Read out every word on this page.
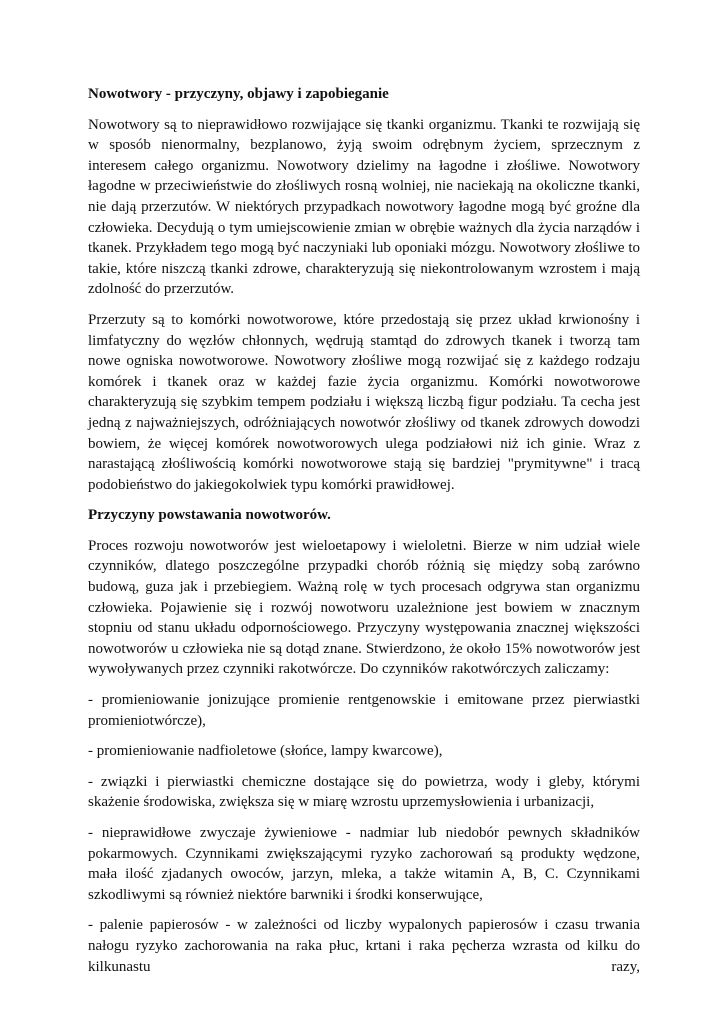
Nowotwory - przyczyny, objawy i zapobieganie

Nowotwory są to nieprawidłowo rozwijające się tkanki organizmu. Tkanki te rozwijają się w sposób nienormalny, bezplanowo, żyją swoim odrębnym życiem, sprzecznym z interesem całego organizmu. Nowotwory dzielimy na łagodne i złośliwe. Nowotwory łagodne w przeciwieństwie do złośliwych rosną wolniej, nie naciekają na okoliczne tkanki, nie dają przerzutów. W niektórych przypadkach nowotwory łagodne mogą być groźne dla człowieka. Decydują o tym umiejscowienie zmian w obrębie ważnych dla życia narządów i tkanek. Przykładem tego mogą być naczyniaki lub oponiaki mózgu. Nowotwory złośliwe to takie, które niszczą tkanki zdrowe, charakteryzują się niekontrolowanym wzrostem i mają zdolność do przerzutów.

Przerzuty są to komórki nowotworowe, które przedostają się przez układ krwionośny i limfatyczny do węzłów chłonnych, wędrują stamtąd do zdrowych tkanek i tworzą tam nowe ogniska nowotworowe. Nowotwory złośliwe mogą rozwijać się z każdego rodzaju komórek i tkanek oraz w każdej fazie życia organizmu. Komórki nowotworowe charakteryzują się szybkim tempem podziału i większą liczbą figur podziału. Ta cecha jest jedną z najważniejszych, odróżniających nowotwór złośliwy od tkanek zdrowych dowodzi bowiem, że więcej komórek nowotworowych ulega podziałowi niż ich ginie. Wraz z narastającą złośliwością komórki nowotworowe stają się bardziej "prymitywne" i tracą podobieństwo do jakiegokolwiek typu komórki prawidłowej.

Przyczyny powstawania nowotworów.

Proces rozwoju nowotworów jest wieloetapowy i wieloletni. Bierze w nim udział wiele czynników, dlatego poszczególne przypadki chorób różnią się między sobą zarówno budową, guza jak i przebiegiem. Ważną rolę w tych procesach odgrywa stan organizmu człowieka. Pojawienie się i rozwój nowotworu uzależnione jest bowiem w znacznym stopniu od stanu układu odpornościowego. Przyczyny występowania znacznej większości nowotworów u człowieka nie są dotąd znane. Stwierdzono, że około 15% nowotworów jest wywoływanych przez czynniki rakotwórcze. Do czynników rakotwórczych zaliczamy:

- promieniowanie jonizujące promienie rentgenowskie i emitowane przez pierwiastki promieniotwórcze),

- promieniowanie nadfioletowe (słońce, lampy kwarcowe),

- związki i pierwiastki chemiczne dostające się do powietrza, wody i gleby, którymi skażenie środowiska, zwiększa się w miarę wzrostu uprzemysłowienia i urbanizacji,

- nieprawidłowe zwyczaje żywieniowe - nadmiar lub niedobór pewnych składników pokarmowych. Czynnikami zwiększającymi ryzyko zachorowań są produkty wędzone, mała ilość zjadanych owoców, jarzyn, mleka, a także witamin A, B, C. Czynnikami szkodliwymi są również niektóre barwniki i środki konserwujące,

- palenie papierosów - w zależności od liczby wypalonych papierosów i czasu trwania nałogu ryzyko zachorowania na raka płuc, krtani i raka pęcherza wzrasta od kilku do kilkunastu razy,
